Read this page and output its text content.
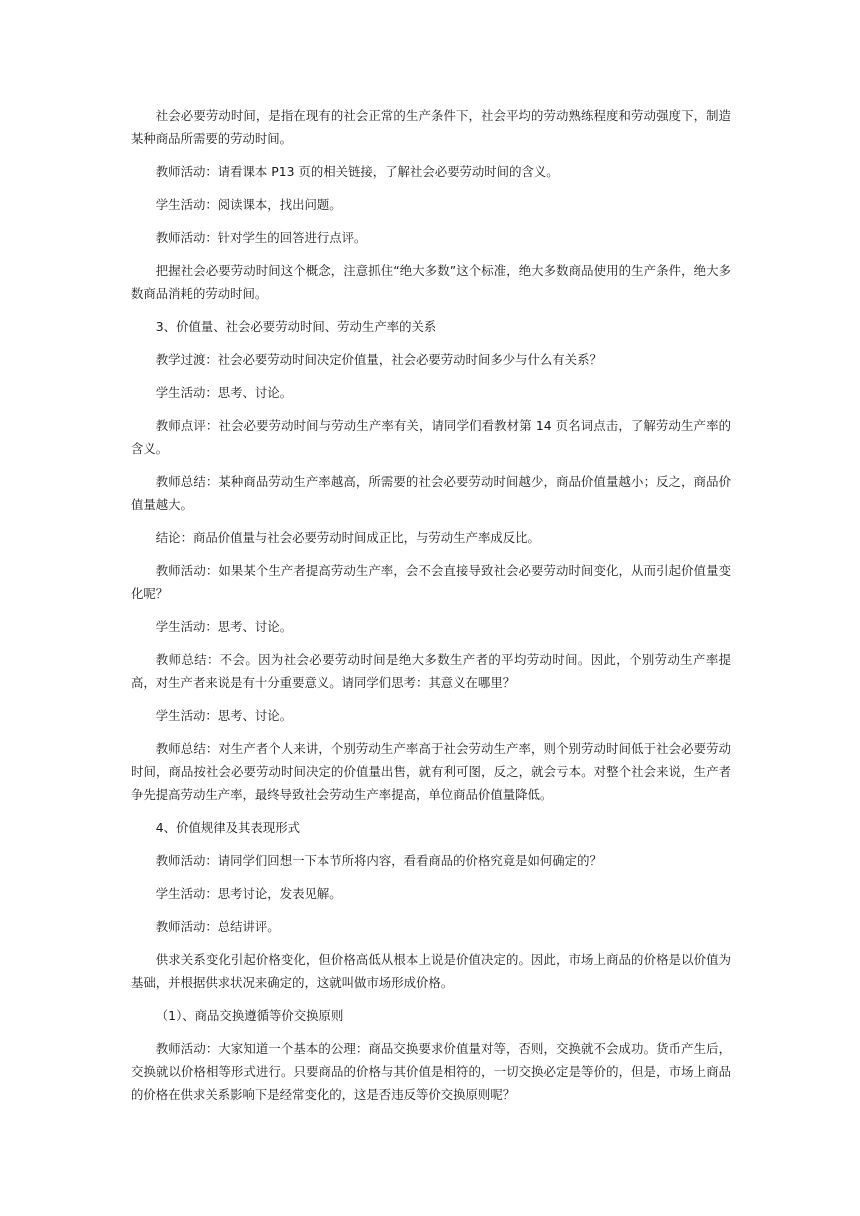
社会必要劳动时间，是指在现有的社会正常的生产条件下，社会平均的劳动熟练程度和劳动强度下，制造某种商品所需要的劳动时间。

教师活动：请看课本 P13 页的相关链接，了解社会必要劳动时间的含义。

学生活动：阅读课本，找出问题。

教师活动：针对学生的回答进行点评。

把握社会必要劳动时间这个概念，注意抓住“绝大多数”这个标准，绝大多数商品使用的生产条件，绝大多数商品消耗的劳动时间。

3、价值量、社会必要劳动时间、劳动生产率的关系

教学过渡：社会必要劳动时间决定价值量，社会必要劳动时间多少与什么有关系？

学生活动：思考、讨论。

教师点评：社会必要劳动时间与劳动生产率有关，请同学们看教材第 14 页名词点击，了解劳动生产率的含义。

教师总结：某种商品劳动生产率越高，所需要的社会必要劳动时间越少，商品价值量越小；反之，商品价值量越大。

结论：商品价值量与社会必要劳动时间成正比，与劳动生产率成反比。

教师活动：如果某个生产者提高劳动生产率，会不会直接导致社会必要劳动时间变化，从而引起价值量变化呢？

学生活动：思考、讨论。

教师总结：不会。因为社会必要劳动时间是绝大多数生产者的平均劳动时间。因此，个别劳动生产率提高，对生产者来说是有十分重要意义。请同学们思考：其意义在哪里？

学生活动：思考、讨论。

教师总结：对生产者个人来讲，个别劳动生产率高于社会劳动生产率，则个别劳动时间低于社会必要劳动时间，商品按社会必要劳动时间决定的价值量出售，就有利可图，反之，就会亏本。对整个社会来说，生产者争先提高劳动生产率，最终导致社会劳动生产率提高，单位商品价值量降低。

4、价值规律及其表现形式

教师活动：请同学们回想一下本节所将内容，看看商品的价格究竟是如何确定的？

学生活动：思考讨论，发表见解。

教师活动：总结讲评。

供求关系变化引起价格变化，但价格高低从根本上说是价值决定的。因此，市场上商品的价格是以价值为基础，并根据供求状况来确定的，这就叫做市场形成价格。

（1）、商品交换遵循等价交换原则

教师活动：大家知道一个基本的公理：商品交换要求价值量对等，否则，交换就不会成功。货币产生后，交换就以价格相等形式进行。只要商品的价格与其价值是相符的，一切交换必定是等价的，但是，市场上商品的价格在供求关系影响下是经常变化的，这是否违反等价交换原则呢？
